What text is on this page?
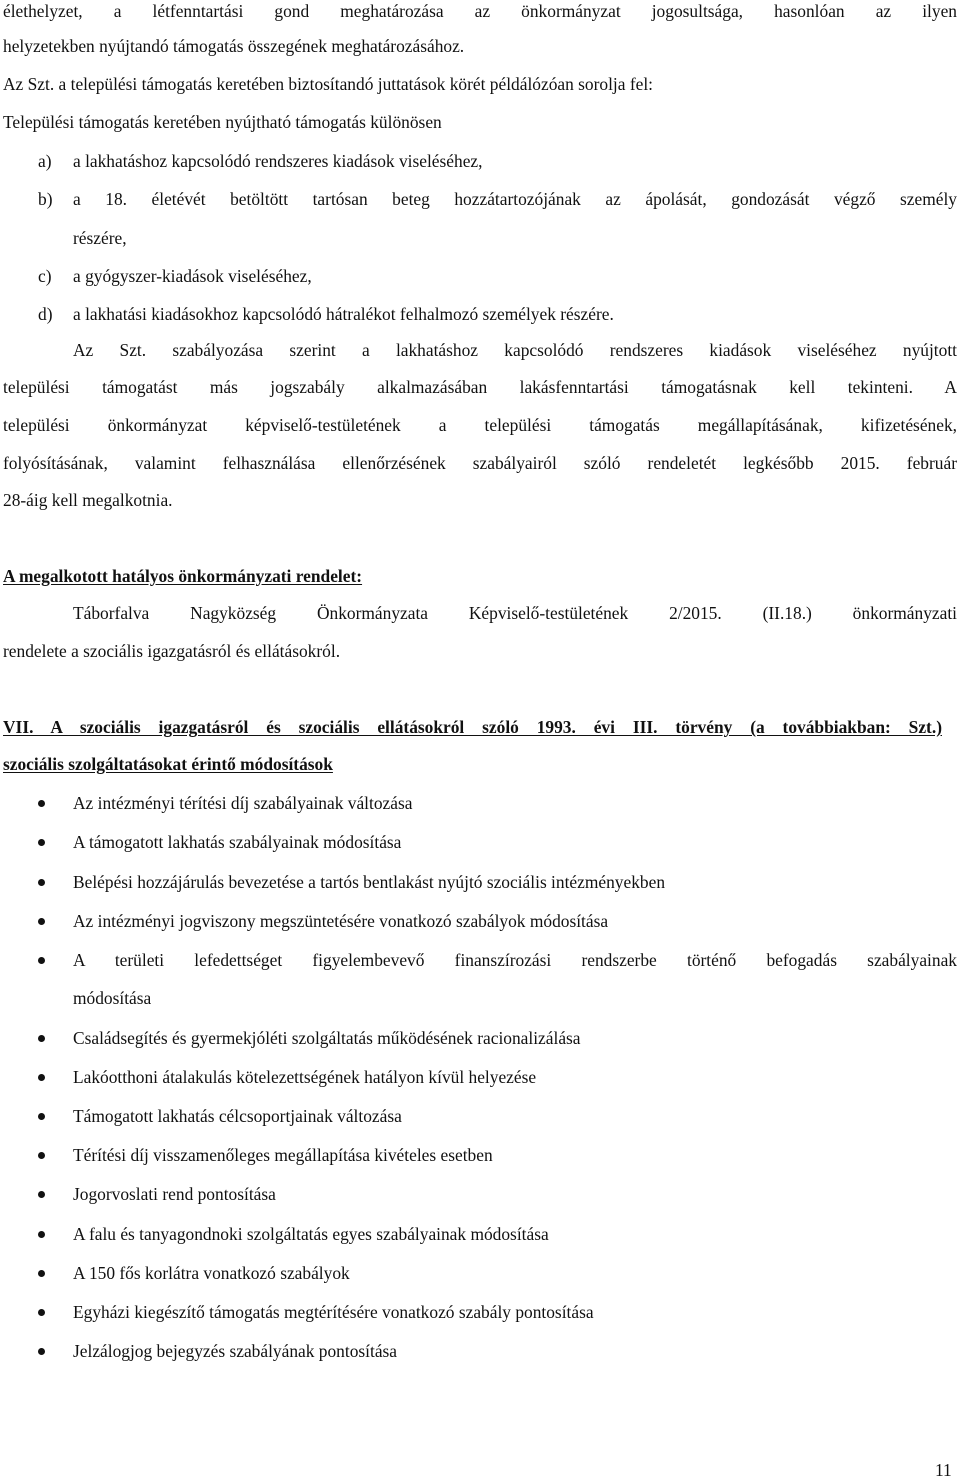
élethelyzet, a létfenntartási gond meghatározása az önkormányzat jogosultsága, hasonlóan az ilyen
helyzetekben nyújtandó támogatás összegének meghatározásához.
Az Szt. a települési támogatás keretében biztosítandó juttatások körét példálózóan sorolja fel:
Települési támogatás keretében nyújtható támogatás különösen
a) a lakhatáshoz kapcsolódó rendszeres kiadások viseléséhez,
b) a 18. életévét betöltött tartósan beteg hozzátartozójának az ápolását, gondozását végző személy
részére,
c) a gyógyszer-kiadások viseléséhez,
d) a lakhatási kiadásokhoz kapcsolódó hátralékot felhalmozó személyek részére.
Az Szt. szabályozása szerint a lakhatáshoz kapcsolódó rendszeres kiadások viseléséhez nyújtott
települési támogatást más jogszabály alkalmazásában lakásfenntartási támogatásnak kell tekinteni. A
települési önkormányzat képviselő-testületének a települési támogatás megállapításának, kifizetésének,
folyósításának, valamint felhasználása ellenőrzésének szabályairól szóló rendeletét legkésőbb 2015. február
28-áig kell megalkotnia.
A megalkotott hatályos önkormányzati rendelet:
Táborfalva Nagyközség Önkormányzata Képviselő-testületének 2/2015. (II.18.) önkormányzati
rendelete a szociális igazgatásról és ellátásokról.
VII. A szociális igazgatásról és szociális ellátásokról szóló 1993. évi III. törvény (a továbbiakban: Szt.)
szociális szolgáltatásokat érintő módosítások
Az intézményi térítési díj szabályainak változása
A támogatott lakhatás szabályainak módosítása
Belépési hozzájárulás bevezetése a tartós bentlakást nyújtó szociális intézményekben
Az intézményi jogviszony megszüntetésére vonatkozó szabályok módosítása
A területi lefedettséget figyelembevevő finanszírozási rendszerbe történő befogadás szabályainak
módosítása
Családsegítés és gyermekjóléti szolgáltatás működésének racionalizálása
Lakóotthoni átalakulás kötelezettségének hatályon kívül helyezése
Támogatott lakhatás célcsoportjainak változása
Térítési díj visszamenőleges megállapítása kivételes esetben
Jogorvoslati rend pontosítása
A falu és tanyagondnoki szolgáltatás egyes szabályainak módosítása
A 150 fős korlátra vonatkozó szabályok
Egyházi kiegészítő támogatás megtérítésére vonatkozó szabály pontosítása
Jelzálogjog bejegyzés szabályának pontosítása
11
